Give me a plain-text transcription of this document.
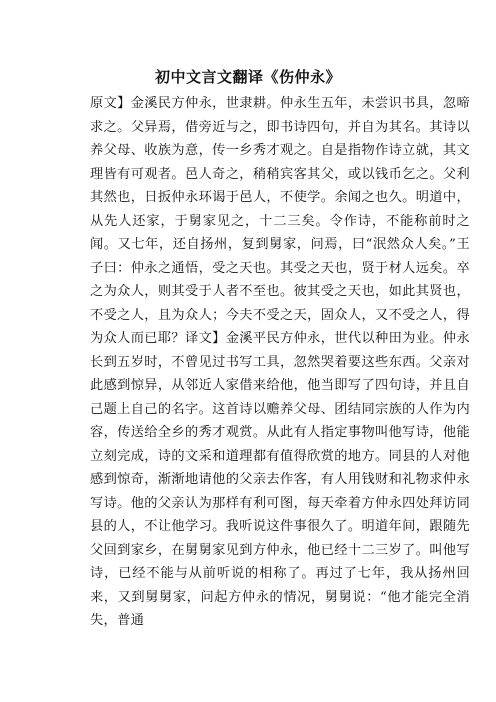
初中文言文翻译《伤仲永》

原文】金溪民方仲永，世隶耕。仲永生五年，未尝识书具，忽啼求之。父异焉，借旁近与之，即书诗四句，并自为其名。其诗以养父母、收族为意，传一乡秀才观之。自是指物作诗立就，其文理皆有可观者。邑人奇之，稍稍宾客其父，或以钱币乞之。父利其然也，日扳仲永环谒于邑人，不使学。余闻之也久。明道中，从先人还家，于舅家见之，十二三矣。令作诗，不能称前时之闻。又七年，还自扬州，复到舅家，问焉，曰“泯然众人矣。”王子曰：仲永之通悟，受之天也。其受之天也，贤于材人远矣。卒之为众人，则其受于人者不至也。彼其受之天也，如此其贤也，不受之人，且为众人；今夫不受之天，固众人，又不受之人，得为众人而已耶？译文】金溪平民方仲永，世代以种田为业。仲永长到五岁时，不曾见过书写工具，忽然哭着要这些东西。父亲对此感到惊异，从邻近人家借来给他，他当即写了四句诗，并且自己题上自己的名字。这首诗以赡养父母、团结同宗族的人作为内容，传送给全乡的秀才观赏。从此有人指定事物叫他写诗，他能立刻完成，诗的文采和道理都有值得欣赏的地方。同县的人对他感到惊奇，渐渐地请他的父亲去作客，有人用钱财和礼物求仲永写诗。他的父亲认为那样有利可图，每天牵着方仲永四处拜访同县的人，不让他学习。我听说这件事很久了。明道年间，跟随先父回到家乡，在舅舅家见到方仲永，他已经十二三岁了。叫他写诗，已经不能与从前听说的相称了。再过了七年，我从扬州回来，又到舅舅家，问起方仲永的情况，舅舅说：“他才能完全消失，普通
